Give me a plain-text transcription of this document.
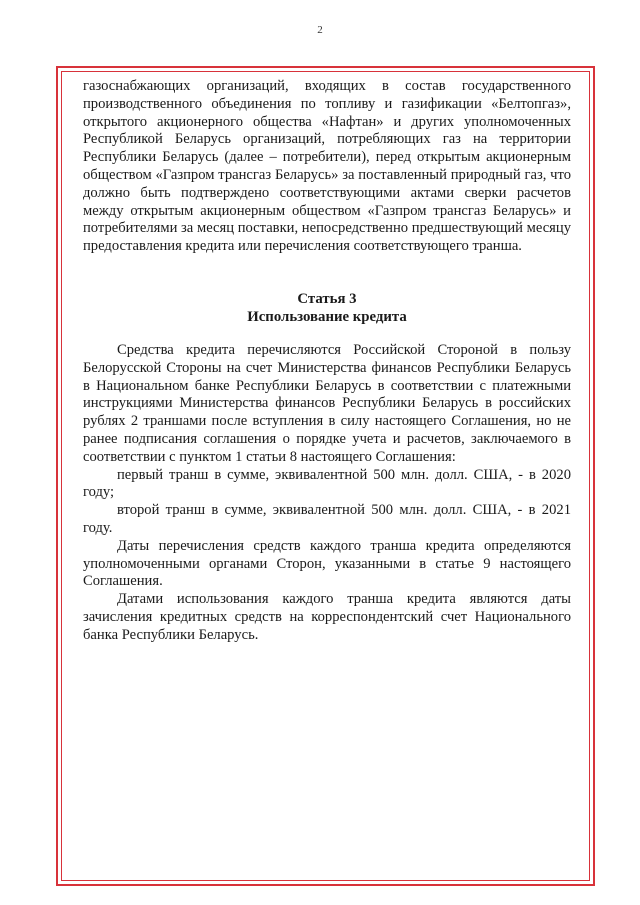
2

газоснабжающих организаций, входящих в состав государственного производственного объединения по топливу и газификации «Белтопгаз», открытого акционерного общества «Нафтан» и других уполномоченных Республикой Беларусь организаций, потребляющих газ на территории Республики Беларусь (далее – потребители), перед открытым акционерным обществом «Газпром трансгаз Беларусь» за поставленный природный газ, что должно быть подтверждено соответствующими актами сверки расчетов между открытым акционерным обществом «Газпром трансгаз Беларусь» и потребителями за месяц поставки, непосредственно предшествующий месяцу предоставления кредита или перечисления соответствующего транша.

Статья 3
Использование кредита

Средства кредита перечисляются Российской Стороной в пользу Белорусской Стороны на счет Министерства финансов Республики Беларусь в Национальном банке Республики Беларусь в соответствии с платежными инструкциями Министерства финансов Республики Беларусь в российских рублях 2 траншами после вступления в силу настоящего Соглашения, но не ранее подписания соглашения о порядке учета и расчетов, заключаемого в соответствии с пунктом 1 статьи 8 настоящего Соглашения:

первый транш в сумме, эквивалентной 500 млн. долл. США, - в 2020 году;

второй транш в сумме, эквивалентной 500 млн. долл. США, - в 2021 году.

Даты перечисления средств каждого транша кредита определяются уполномоченными органами Сторон, указанными в статье 9 настоящего Соглашения.

Датами использования каждого транша кредита являются даты зачисления кредитных средств на корреспондентский счет Национального банка Республики Беларусь.
